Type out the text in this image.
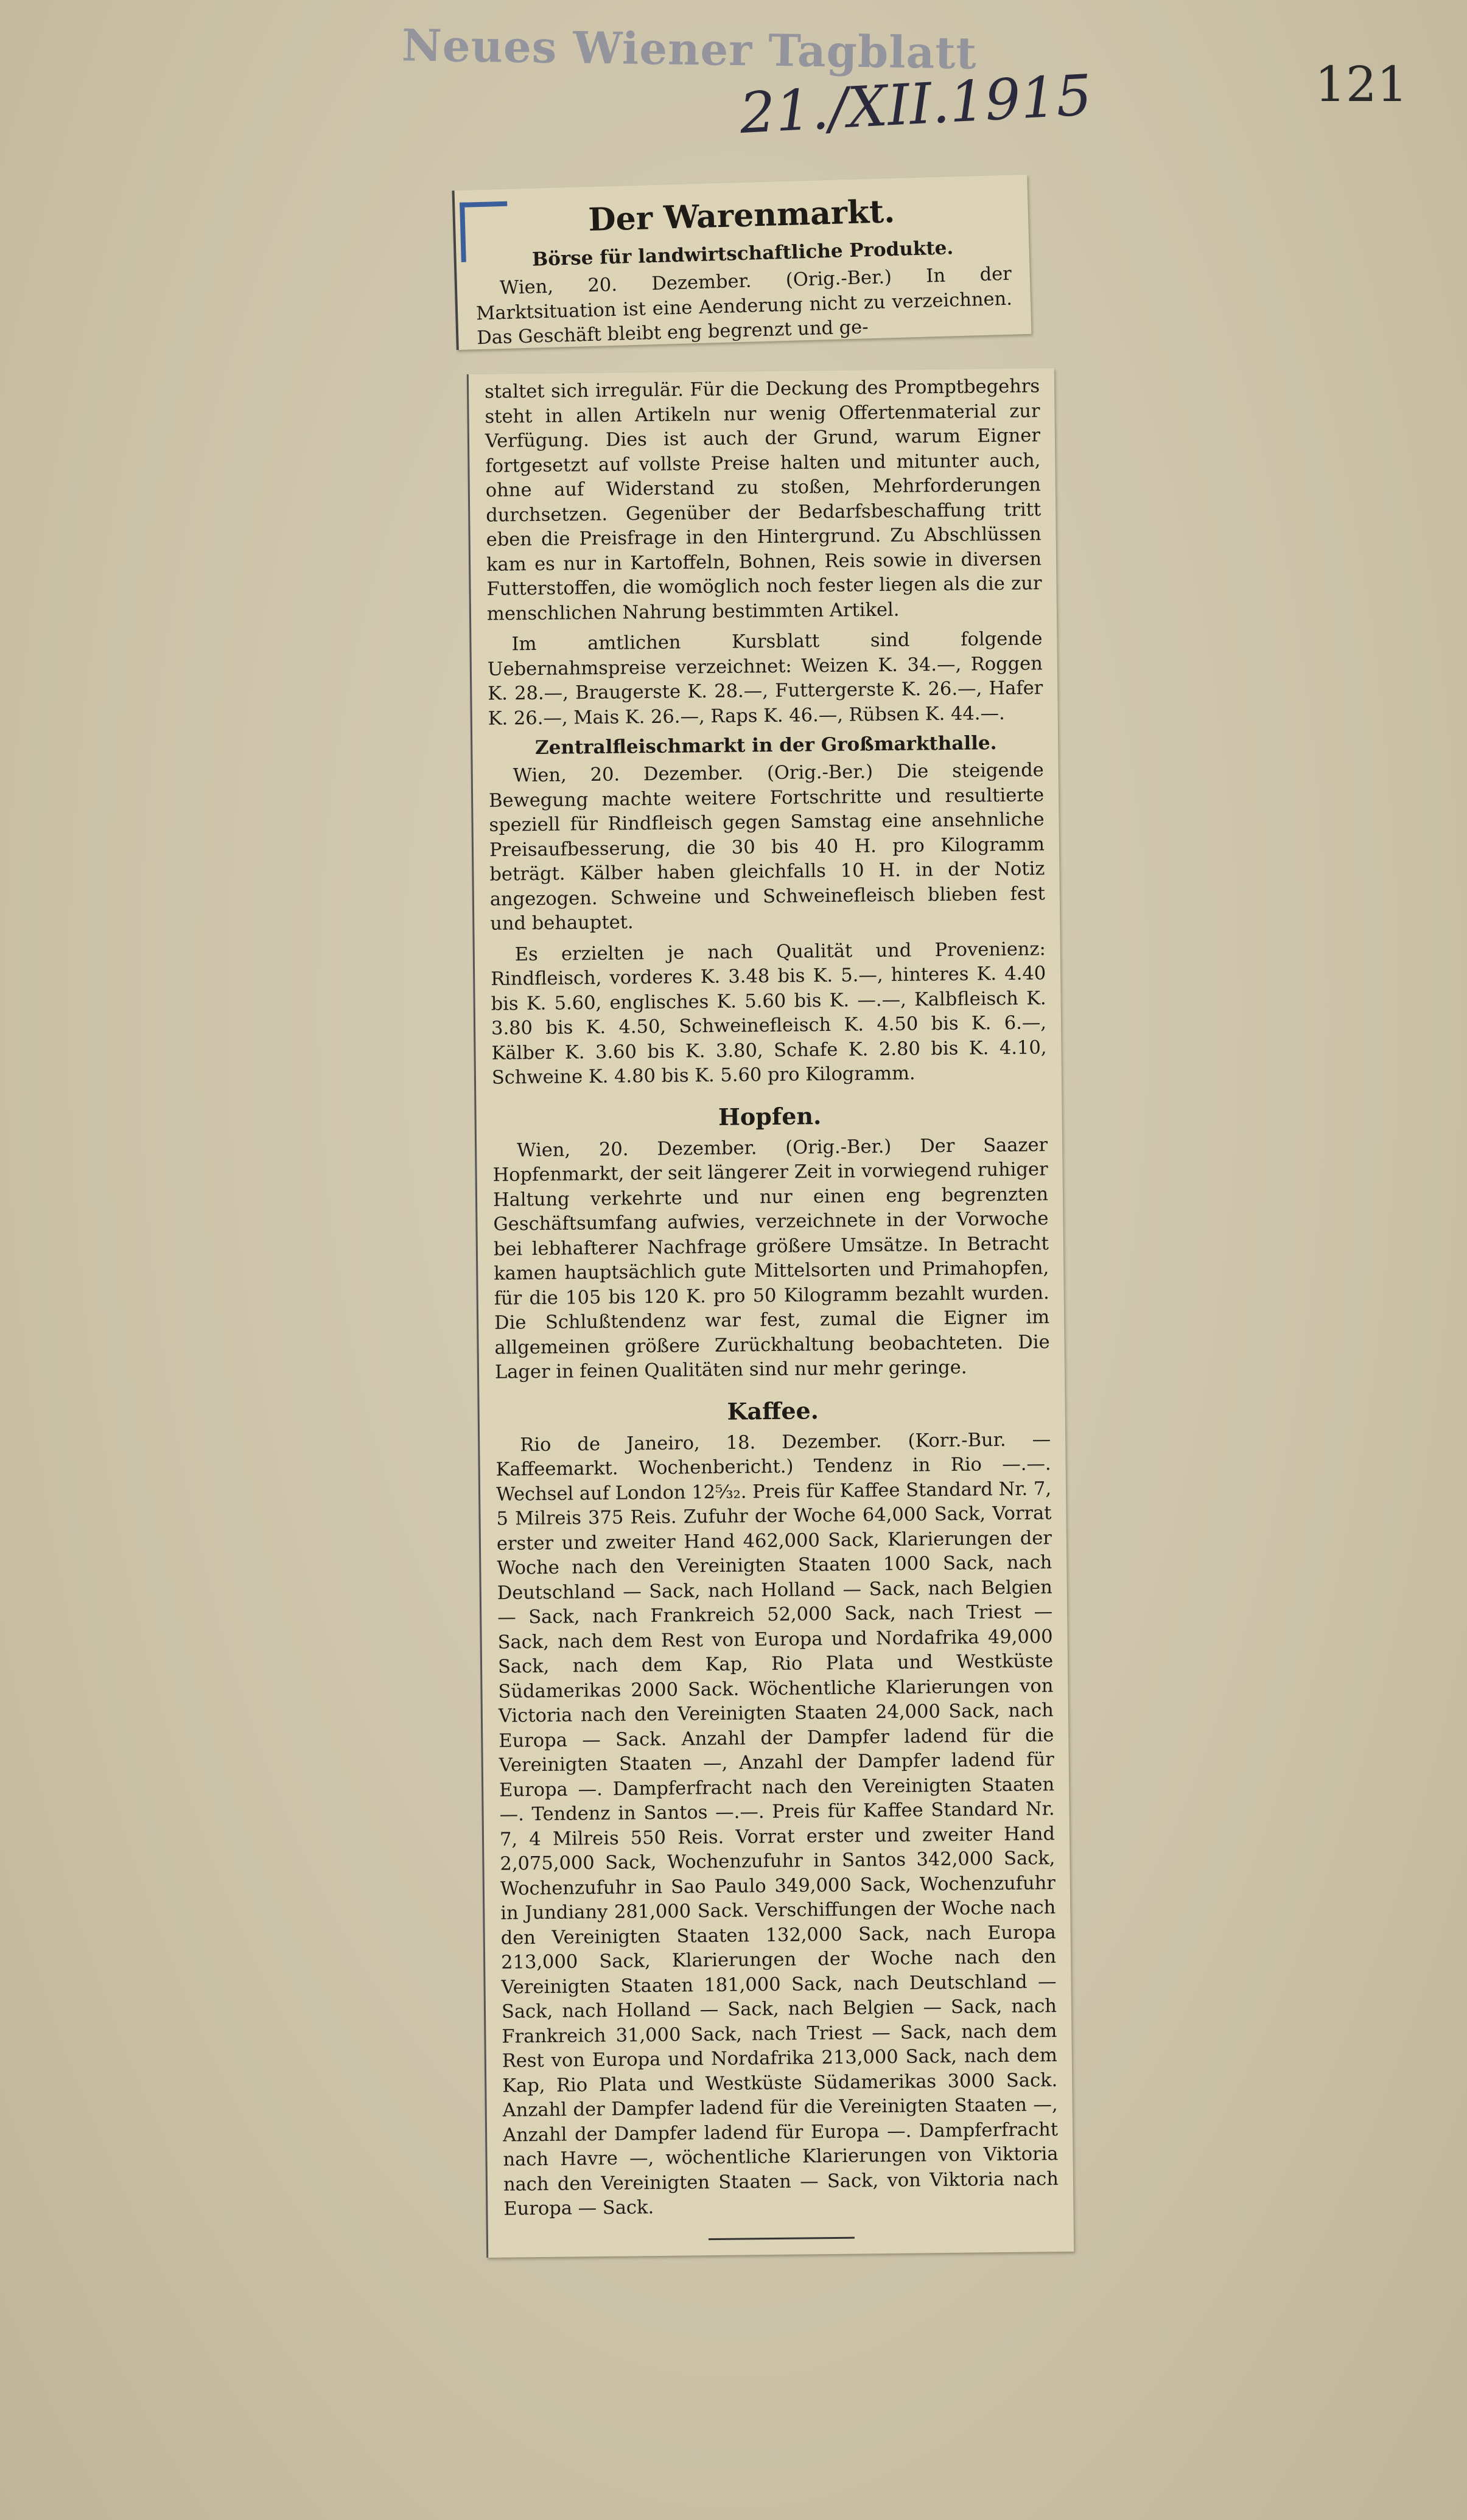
Neues Wiener Tagblatt
21./XII.1915	121
Der Warenmarkt.
Börse für landwirtschaftliche Produkte.

Wien, 20. Dezember. (Orig.-Ber.) In der Marktsituation ist eine Aenderung nicht zu verzeichnen. Das Geschäft bleibt eng begrenzt und ge-

staltet sich irregulär. Für die Deckung des Promptbegehrs steht in allen Artikeln nur wenig Offertenmaterial zur Verfügung. Dies ist auch der Grund, warum Eigner fortgesetzt auf vollste Preise halten und mitunter auch, ohne auf Widerstand zu stoßen, Mehrforderungen durchsetzen. Gegenüber der Bedarfsbeschaffung tritt eben die Preisfrage in den Hintergrund. Zu Abschlüssen kam es nur in Kartoffeln, Bohnen, Reis sowie in diversen Futterstoffen, die womöglich noch fester liegen als die zur menschlichen Nahrung bestimmten Artikel.

Im amtlichen Kursblatt sind folgende Uebernahmspreise verzeichnet: Weizen K. 34.—, Roggen K. 28.—, Braugerste K. 28.—, Futtergerste K. 26.—, Hafer K. 26.—, Mais K. 26.—, Raps K. 46.—, Rübsen K. 44.—.

Zentralfleischmarkt in der Großmarkthalle.

Wien, 20. Dezember. (Orig.-Ber.) Die steigende Bewegung machte weitere Fortschritte und resultierte speziell für Rindfleisch gegen Samstag eine ansehnliche Preisaufbesserung, die 30 bis 40 H. pro Kilogramm beträgt. Kälber haben gleichfalls 10 H. in der Notiz angezogen. Schweine und Schweinefleisch blieben fest und behauptet.

Es erzielten je nach Qualität und Provenienz: Rindfleisch, vorderes K. 3.48 bis K. 5.—, hinteres K. 4.40 bis K. 5.60, englisches K. 5.60 bis K. —.—, Kalbfleisch K. 3.80 bis K. 4.50, Schweinefleisch K. 4.50 bis K. 6.—, Kälber K. 3.60 bis K. 3.80, Schafe K. 2.80 bis K. 4.10, Schweine K. 4.80 bis K. 5.60 pro Kilogramm.

Hopfen.

Wien, 20. Dezember. (Orig.-Ber.) Der Saazer Hopfenmarkt, der seit längerer Zeit in vorwiegend ruhiger Haltung verkehrte und nur einen eng begrenzten Geschäftsumfang aufwies, verzeichnete in der Vorwoche bei lebhafterer Nachfrage größere Umsätze. In Betracht kamen hauptsächlich gute Mittelsorten und Primahopfen, für die 105 bis 120 K. pro 50 Kilogramm bezahlt wurden. Die Schlußtendenz war fest, zumal die Eigner im allgemeinen größere Zurückhaltung beobachteten. Die Lager in feinen Qualitäten sind nur mehr geringe.

Kaffee.

Rio de Janeiro, 18. Dezember. (Korr.-Bur. — Kaffeemarkt. Wochenbericht.) Tendenz in Rio —.—. Wechsel auf London 12⁵⁄₃₂. Preis für Kaffee Standard Nr. 7, 5 Milreis 375 Reis. Zufuhr der Woche 64,000 Sack, Vorrat erster und zweiter Hand 462,000 Sack, Klarierungen der Woche nach den Vereinigten Staaten 1000 Sack, nach Deutschland — Sack, nach Holland — Sack, nach Belgien — Sack, nach Frankreich 52,000 Sack, nach Triest — Sack, nach dem Rest von Europa und Nordafrika 49,000 Sack, nach dem Kap, Rio Plata und Westküste Südamerikas 2000 Sack. Wöchentliche Klarierungen von Victoria nach den Vereinigten Staaten 24,000 Sack, nach Europa — Sack. Anzahl der Dampfer ladend für die Vereinigten Staaten —, Anzahl der Dampfer ladend für Europa —. Dampferfracht nach den Vereinigten Staaten —. Tendenz in Santos —.—. Preis für Kaffee Standard Nr. 7, 4 Milreis 550 Reis. Vorrat erster und zweiter Hand 2,075,000 Sack, Wochenzufuhr in Santos 342,000 Sack, Wochenzufuhr in Sao Paulo 349,000 Sack, Wochenzufuhr in Jundiany 281,000 Sack. Verschiffungen der Woche nach den Vereinigten Staaten 132,000 Sack, nach Europa 213,000 Sack, Klarierungen der Woche nach den Vereinigten Staaten 181,000 Sack, nach Deutschland — Sack, nach Holland — Sack, nach Belgien — Sack, nach Frankreich 31,000 Sack, nach Triest — Sack, nach dem Rest von Europa und Nordafrika 213,000 Sack, nach dem Kap, Rio Plata und Westküste Südamerikas 3000 Sack. Anzahl der Dampfer ladend für die Vereinigten Staaten —, Anzahl der Dampfer ladend für Europa —. Dampferfracht nach Havre —, wöchentliche Klarierungen von Viktoria nach den Vereinigten Staaten — Sack, von Viktoria nach Europa — Sack.
